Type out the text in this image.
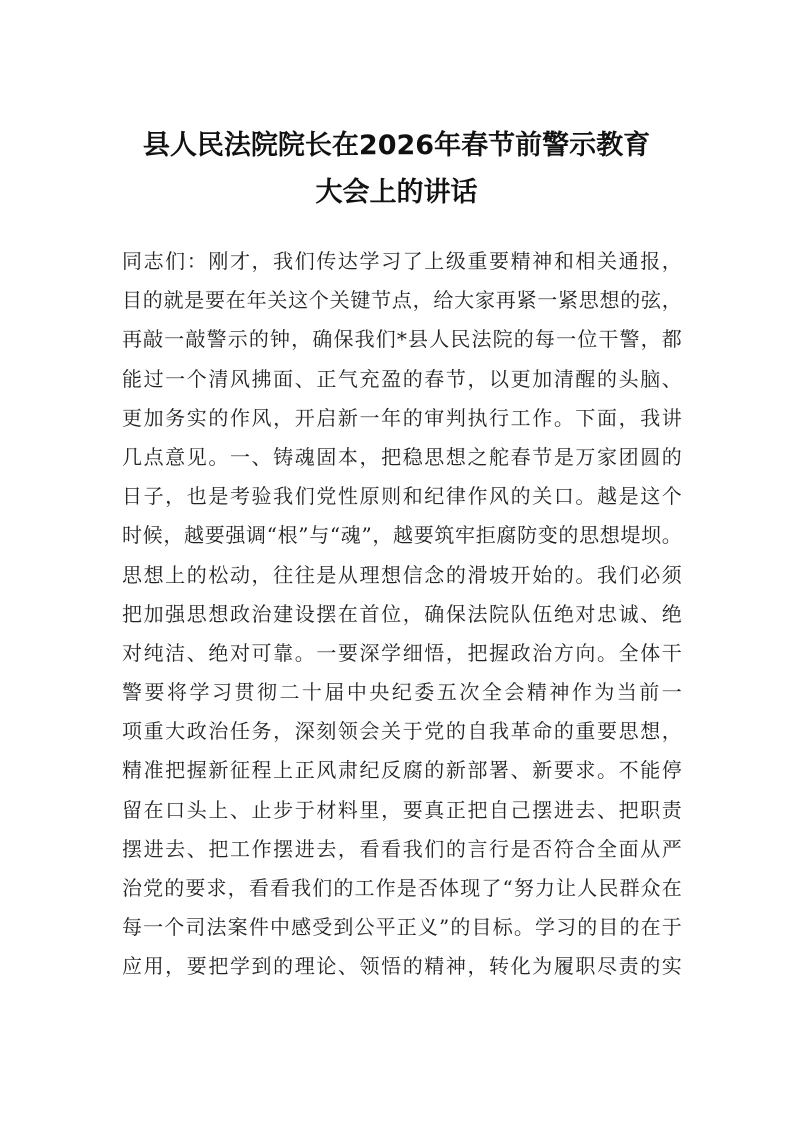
县人民法院院长在2026年春节前警示教育
大会上的讲话
同志们：刚才，我们传达学习了上级重要精神和相关通报，
目的就是要在年关这个关键节点，给大家再紧一紧思想的弦，
再敲一敲警示的钟，确保我们*县人民法院的每一位干警，都
能过一个清风拂面、正气充盈的春节，以更加清醒的头脑、
更加务实的作风，开启新一年的审判执行工作。下面，我讲
几点意见。一、铸魂固本，把稳思想之舵春节是万家团圆的
日子，也是考验我们党性原则和纪律作风的关口。越是这个
时候，越要强调“根”与“魂”，越要筑牢拒腐防变的思想堤坝。
思想上的松动，往往是从理想信念的滑坡开始的。我们必须
把加强思想政治建设摆在首位，确保法院队伍绝对忠诚、绝
对纯洁、绝对可靠。一要深学细悟，把握政治方向。全体干
警要将学习贯彻二十届中央纪委五次全会精神作为当前一
项重大政治任务，深刻领会关于党的自我革命的重要思想，
精准把握新征程上正风肃纪反腐的新部署、新要求。不能停
留在口头上、止步于材料里，要真正把自己摆进去、把职责
摆进去、把工作摆进去，看看我们的言行是否符合全面从严
治党的要求，看看我们的工作是否体现了“努力让人民群众在
每一个司法案件中感受到公平正义”的目标。学习的目的在于
应用，要把学到的理论、领悟的精神，转化为履职尽责的实
